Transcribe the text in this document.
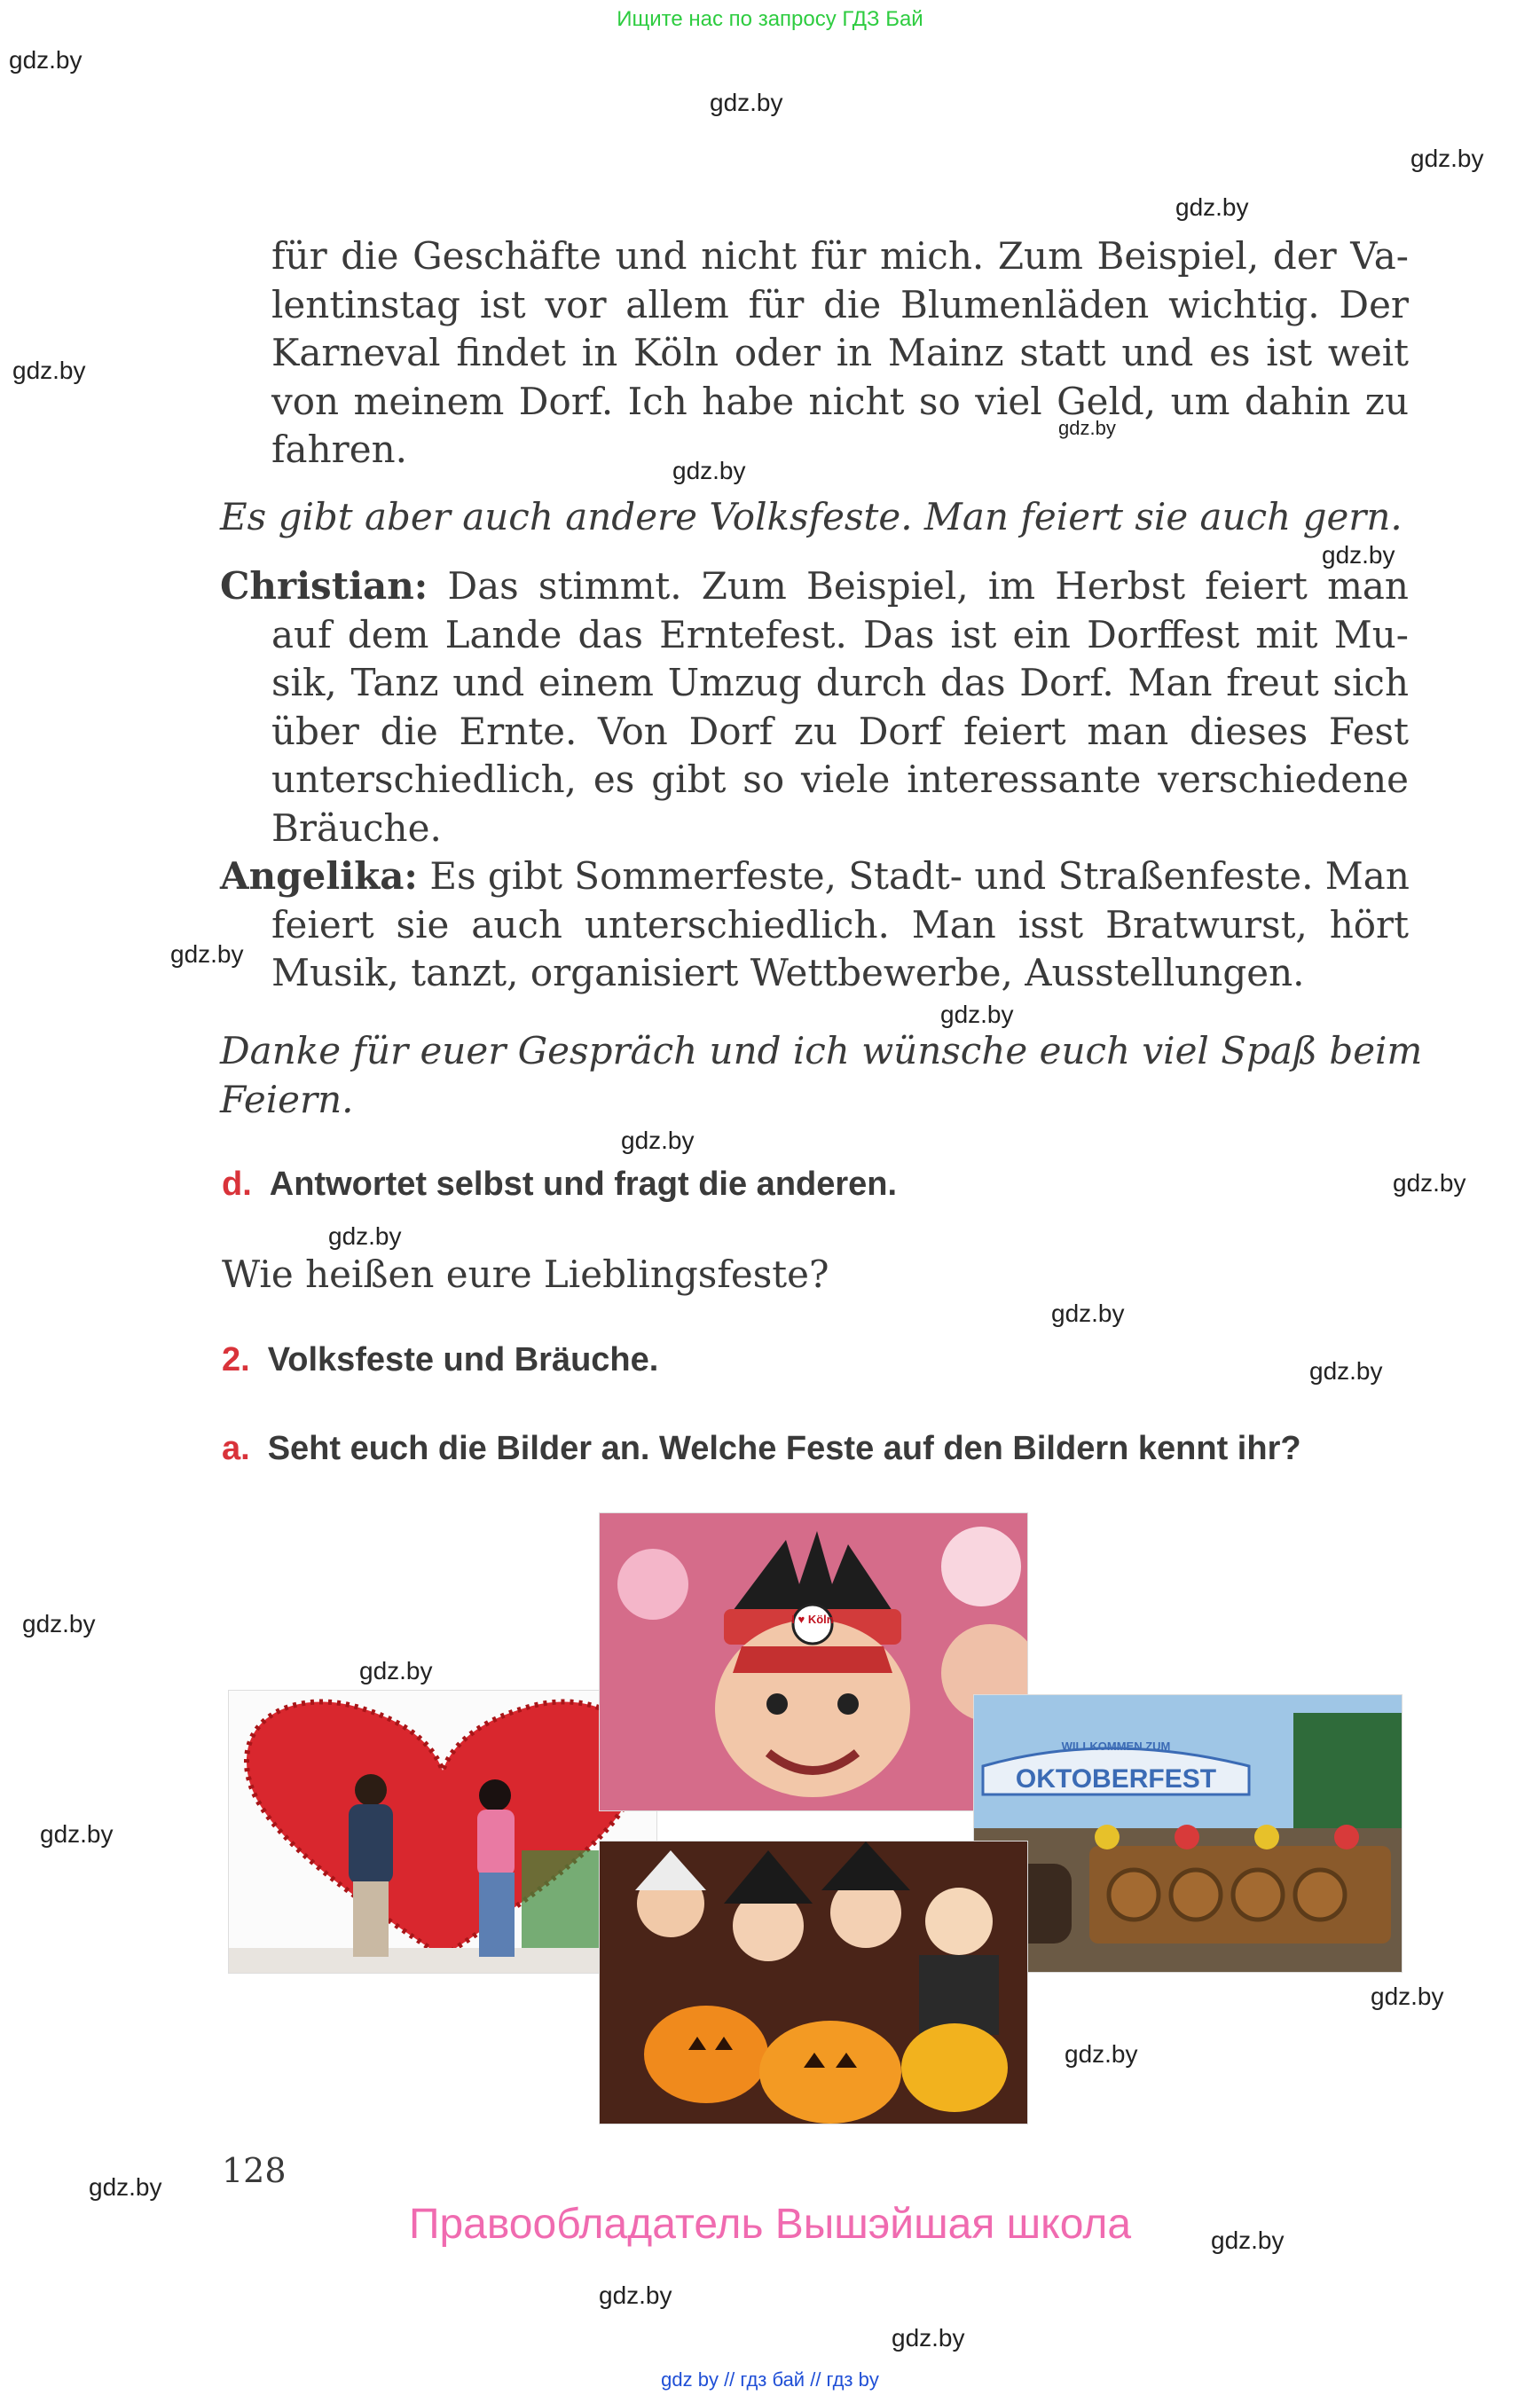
Ищите нас по запросу ГДЗ Бай
gdz.by
gdz.by
gdz.by
gdz.by
gdz.by
gdz.by
gdz.by
gdz.by
gdz.by
gdz.by
gdz.by
gdz.by
gdz.by
gdz.by
gdz.by
gdz.by
gdz.by
gdz.by
gdz.by
gdz.by
gdz.by
gdz.by
gdz.by
gdz.by
für die Geschäfte und nicht für mich. Zum Beispiel, der Va-
lentinstag ist vor allem für die Blumenläden wichtig. Der
Karneval findet in Köln oder in Mainz statt und es ist weit
von meinem Dorf. Ich habe nicht so viel Geld, um dahin zu
fahren.
Es gibt aber auch andere Volksfeste. Man feiert sie auch gern.
Christian: Das stimmt. Zum Beispiel, im Herbst feiert man
auf dem Lande das Erntefest. Das ist ein Dorffest mit Mu-
sik, Tanz und einem Umzug durch das Dorf. Man freut sich
über die Ernte. Von Dorf zu Dorf feiert man dieses Fest
unterschiedlich, es gibt so viele interessante verschiedene
Bräuche.
Angelika: Es gibt Sommerfeste, Stadt- und Straßenfeste. Man
feiert sie auch unterschiedlich. Man isst Bratwurst, hört
Musik, tanzt, organisiert Wettbewerbe, Ausstellungen.
Danke für euer Gespräch und ich wünsche euch viel Spaß beim
Feiern.
d. Antwortet selbst und fragt die anderen.
Wie heißen eure Lieblingsfeste?
2. Volksfeste und Bräuche.
a. Seht euch die Bilder an. Welche Feste auf den Bildern kennt ihr?
I ♥ Köln
WILLKOMMEN ZUM
OKTOBERFEST
128
Правообладатель Вышэйшая школа
gdz by // гдз бай // гдз by
